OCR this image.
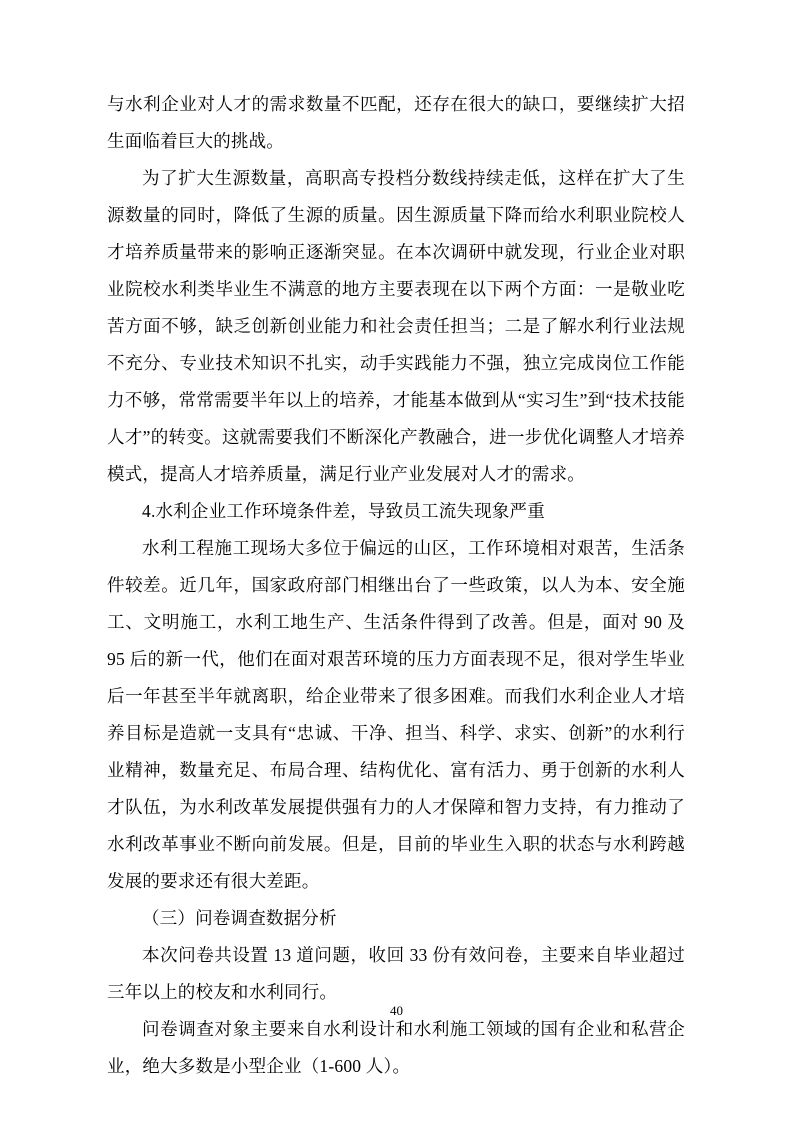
与水利企业对人才的需求数量不匹配，还存在很大的缺口，要继续扩大招生面临着巨大的挑战。

为了扩大生源数量，高职高专投档分数线持续走低，这样在扩大了生源数量的同时，降低了生源的质量。因生源质量下降而给水利职业院校人才培养质量带来的影响正逐渐突显。在本次调研中就发现，行业企业对职业院校水利类毕业生不满意的地方主要表现在以下两个方面：一是敬业吃苦方面不够，缺乏创新创业能力和社会责任担当；二是了解水利行业法规不充分、专业技术知识不扎实，动手实践能力不强，独立完成岗位工作能力不够，常常需要半年以上的培养，才能基本做到从“实习生”到“技术技能人才”的转变。这就需要我们不断深化产教融合，进一步优化调整人才培养模式，提高人才培养质量，满足行业产业发展对人才的需求。

4.水利企业工作环境条件差，导致员工流失现象严重

水利工程施工现场大多位于偏远的山区，工作环境相对艰苦，生活条件较差。近几年，国家政府部门相继出台了一些政策，以人为本、安全施工、文明施工，水利工地生产、生活条件得到了改善。但是，面对 90 及 95 后的新一代，他们在面对艰苦环境的压力方面表现不足，很对学生毕业后一年甚至半年就离职，给企业带来了很多困难。而我们水利企业人才培养目标是造就一支具有“忠诚、干净、担当、科学、求实、创新”的水利行业精神，数量充足、布局合理、结构优化、富有活力、勇于创新的水利人才队伍，为水利改革发展提供强有力的人才保障和智力支持，有力推动了水利改革事业不断向前发展。但是，目前的毕业生入职的状态与水利跨越发展的要求还有很大差距。

（三）问卷调查数据分析

本次问卷共设置 13 道问题，收回 33 份有效问卷，主要来自毕业超过三年以上的校友和水利同行。

问卷调查对象主要来自水利设计和水利施工领域的国有企业和私营企业，绝大多数是小型企业（1-600 人）。

40
